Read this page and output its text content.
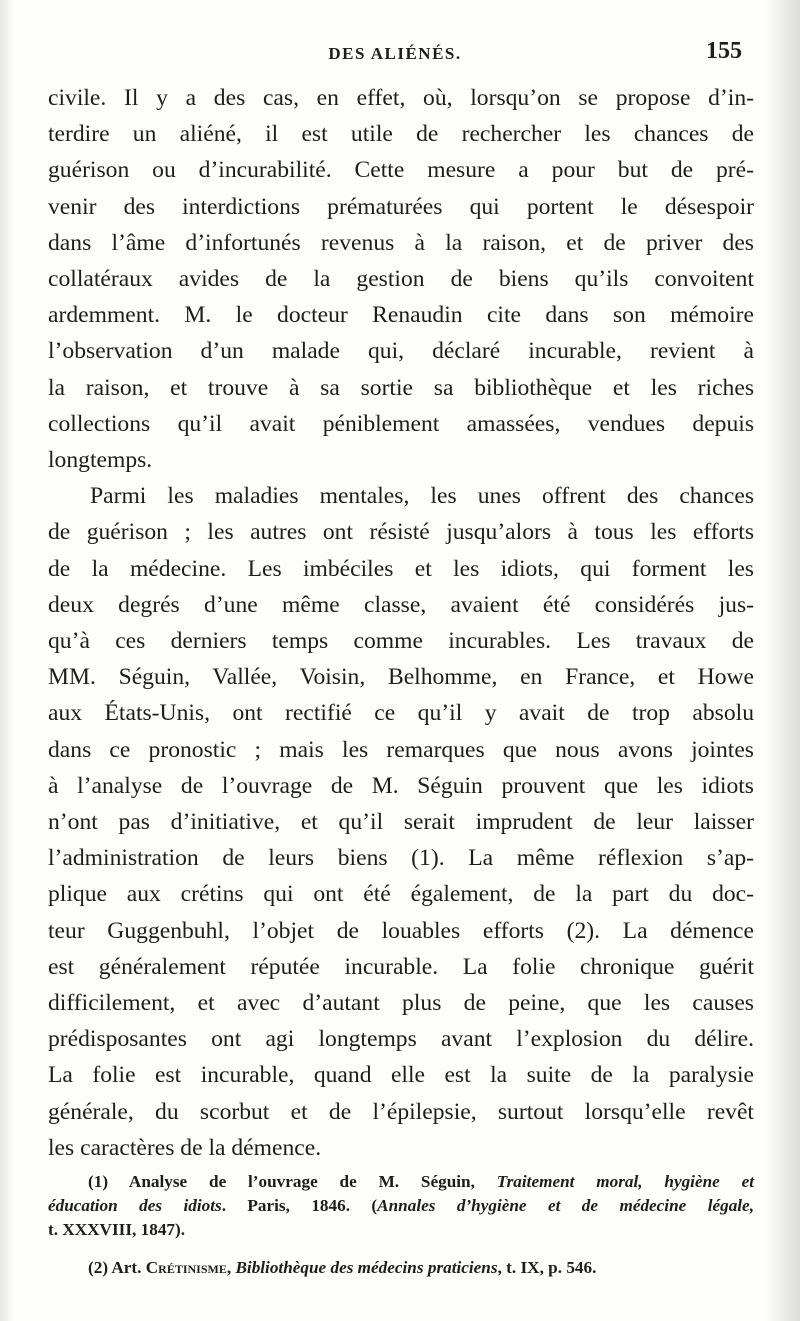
DES ALIÉNÉS.	155

civile. Il y a des cas, en effet, où, lorsqu’on se propose d’in-

terdire un aliéné, il est utile de rechercher les chances de

guérison ou d’incurabilité. Cette mesure a pour but de pré-

venir des interdictions prématurées qui portent le désespoir

dans l’âme d’infortunés revenus à la raison, et de priver des

collatéraux avides de la gestion de biens qu’ils convoitent

ardemment. M. le docteur Renaudin cite dans son mémoire

l’observation d’un malade qui, déclaré incurable, revient à

la raison, et trouve à sa sortie sa bibliothèque et les riches

collections qu’il avait péniblement amassées, vendues depuis

longtemps.

Parmi les maladies mentales, les unes offrent des chances

de guérison ; les autres ont résisté jusqu’alors à tous les efforts

de la médecine. Les imbéciles et les idiots, qui forment les

deux degrés d’une même classe, avaient été considérés jus-

qu’à ces derniers temps comme incurables. Les travaux de

MM. Séguin, Vallée, Voisin, Belhomme, en France, et Howe

aux États-Unis, ont rectifié ce qu’il y avait de trop absolu

dans ce pronostic ; mais les remarques que nous avons jointes

à l’analyse de l’ouvrage de M. Séguin prouvent que les idiots

n’ont pas d’initiative, et qu’il serait imprudent de leur laisser

l’administration de leurs biens (1). La même réflexion s’ap-

plique aux crétins qui ont été également, de la part du doc-

teur Guggenbuhl, l’objet de louables efforts (2). La démence

est généralement réputée incurable. La folie chronique guérit

difficilement, et avec d’autant plus de peine, que les causes

prédisposantes ont agi longtemps avant l’explosion du délire.

La folie est incurable, quand elle est la suite de la paralysie

générale, du scorbut et de l’épilepsie, surtout lorsqu’elle revêt

les caractères de la démence.

(1) Analyse de l’ouvrage de M. Séguin, Traitement moral, hygiène et

éducation des idiots. Paris, 1846. (Annales d’hygiène et de médecine légale,

t. XXXVIII, 1847).

(2) Art. Crétinisme, Bibliothèque des médecins praticiens, t. IX, p. 546.
